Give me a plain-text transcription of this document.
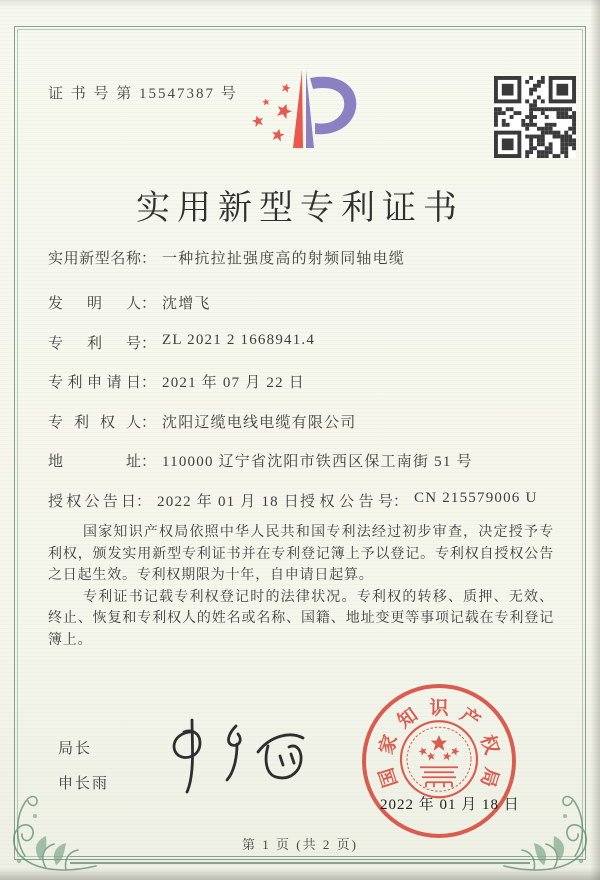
证 书 号 第 15547387 号
实用新型专利证书
实用新型名称 ： 一种抗拉扯强度高的射频同轴电缆
发明人 ： 沈增飞
专利号 ： ZL 2021 2 1668941.4
专利申请日 ： 2021 年 07 月 22 日
专利权人 ： 沈阳辽缆电线电缆有限公司
地址 ： 110000 辽宁省沈阳市铁西区保工南街 51 号
授权公告日 ： 2022 年 01 月 18 日 授权公告号 ： CN 215579006 U

国家知识产权局依照中华人民共和国专利法经过初步审查，决定授予专利权，颁发实用新型专利证书并在专利登记簿上予以登记。专利权自授权公告之日起生效。专利权期限为十年，自申请日起算。

专利证书记载专利权登记时的法律状况。专利权的转移、质押、无效、终止、恢复和专利权人的姓名或名称、国籍、地址变更等事项记载在专利登记簿上。

局长
申长雨	国
家
知 识 产
权
局
2022 年 01 月 18 日
第 1 页 (共 2 页)
